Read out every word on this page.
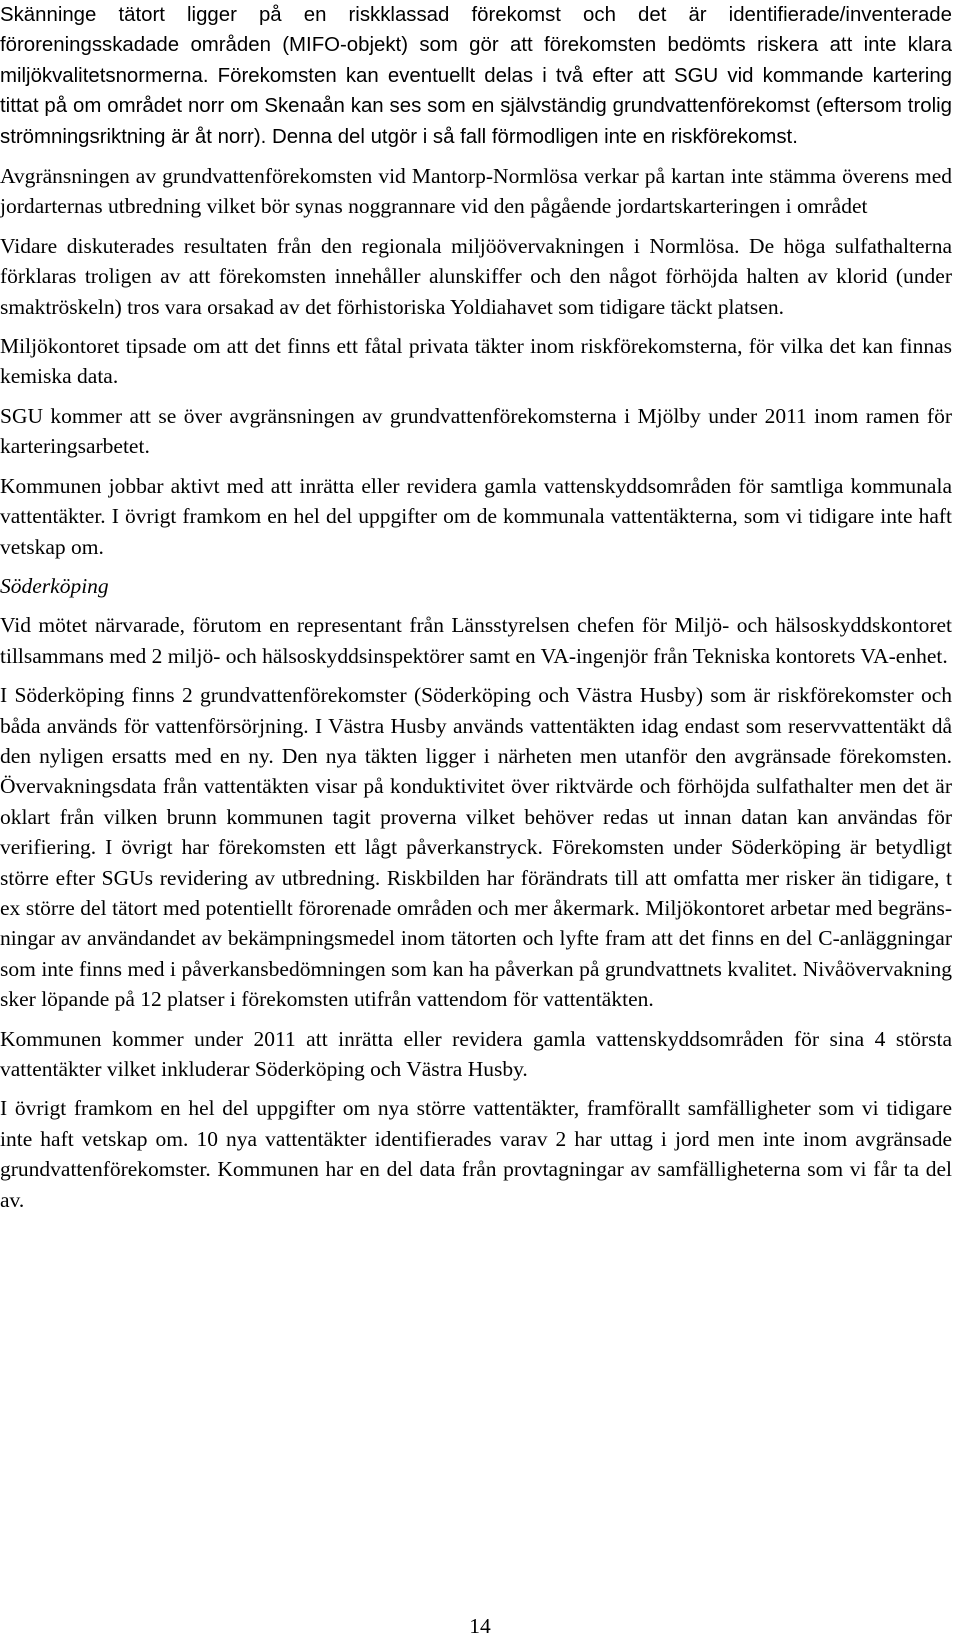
Skänninge tätort ligger på en riskklassad förekomst och det är identifierade/inventerade föroreningsskadade områden (MIFO-objekt) som gör att förekomsten bedömts riskera att inte klara miljökvalitetsnormerna. Förekomsten kan eventuellt delas i två efter att SGU vid kommande kartering tittat på om området norr om Skenaån kan ses som en självständig grundvattenförekomst (eftersom trolig strömningsriktning är åt norr). Denna del utgör i så fall förmodligen inte en riskförekomst.

Avgränsningen av grundvattenförekomsten vid Mantorp-Normlösa verkar på kartan inte stämma överens med jordarternas utbredning vilket bör synas noggrannare vid den pågående jordartskarteringen i området

Vidare diskuterades resultaten från den regionala miljöövervakningen i Normlösa. De höga sulfathalterna förklaras troligen av att förekomsten innehåller alunskiffer och den något förhöjda halten av klorid (under smaktröskeln) tros vara orsakad av det förhistoriska Yoldiahavet som tidigare täckt platsen.

Miljökontoret tipsade om att det finns ett fåtal privata täkter inom riskförekomsterna, för vilka det kan finnas kemiska data.

SGU kommer att se över avgränsningen av grundvattenförekomsterna i Mjölby under 2011 inom ramen för karteringsarbetet.

Kommunen jobbar aktivt med att inrätta eller revidera gamla vattenskyddsområden för samtliga kommunala vattentäkter. I övrigt framkom en hel del uppgifter om de kommunala vattentäkterna, som vi tidigare inte haft vetskap om.

Söderköping

Vid mötet närvarade, förutom en representant från Länsstyrelsen chefen för Miljö- och hälsoskyddskontoret tillsammans med 2 miljö- och hälsoskyddsinspektörer samt en VA-​ingenjör från Tekniska kontorets VA-enhet.

I Söderköping finns 2 grundvattenförekomster (Söderköping och Västra Husby) som är riskförekomster och båda används för vattenförsörjning. I Västra Husby används vattentäkten idag endast som reservvattentäkt då den nyligen ersatts med en ny. Den nya täkten ligger i närheten men utanför den avgränsade förekomsten. Övervakningsdata från vattentäkten visar på konduktivitet över riktvärde och förhöjda sulfathalter men det är oklart från vilken brunn kommunen tagit proverna vilket behöver redas ut innan datan kan användas för verifiering. I övrigt har förekomsten ett lågt påverkanstryck. Förekomsten under Söderköping är betydligt större efter SGUs revidering av utbredning. Riskbilden har förändrats till att omfatta mer risker än tidigare, t ex större del tätort med potentiellt förorenade områden och mer åkermark. Miljökontoret arbetar med begränsningar av användandet av bekämpningsmedel inom tätorten och lyfte fram att det finns en del C-anläggningar som inte finns med i påverkansbedömningen som kan ha påverkan på grundvattnets kvalitet. Nivåövervakning sker löpande på 12 platser i förekomsten utifrån vattendom för vattentäkten.

Kommunen kommer under 2011 att inrätta eller revidera gamla vattenskyddsområden för sina 4 största vattentäkter vilket inkluderar Söderköping och Västra Husby.

I övrigt framkom en hel del uppgifter om nya större vattentäkter, framförallt samfälligheter som vi tidigare inte haft vetskap om. 10 nya vattentäkter identifierades varav 2 har uttag i jord men inte inom avgränsade grundvattenförekomster. Kommunen har en del data från provtagningar av samfälligheterna som vi får ta del av.

14
